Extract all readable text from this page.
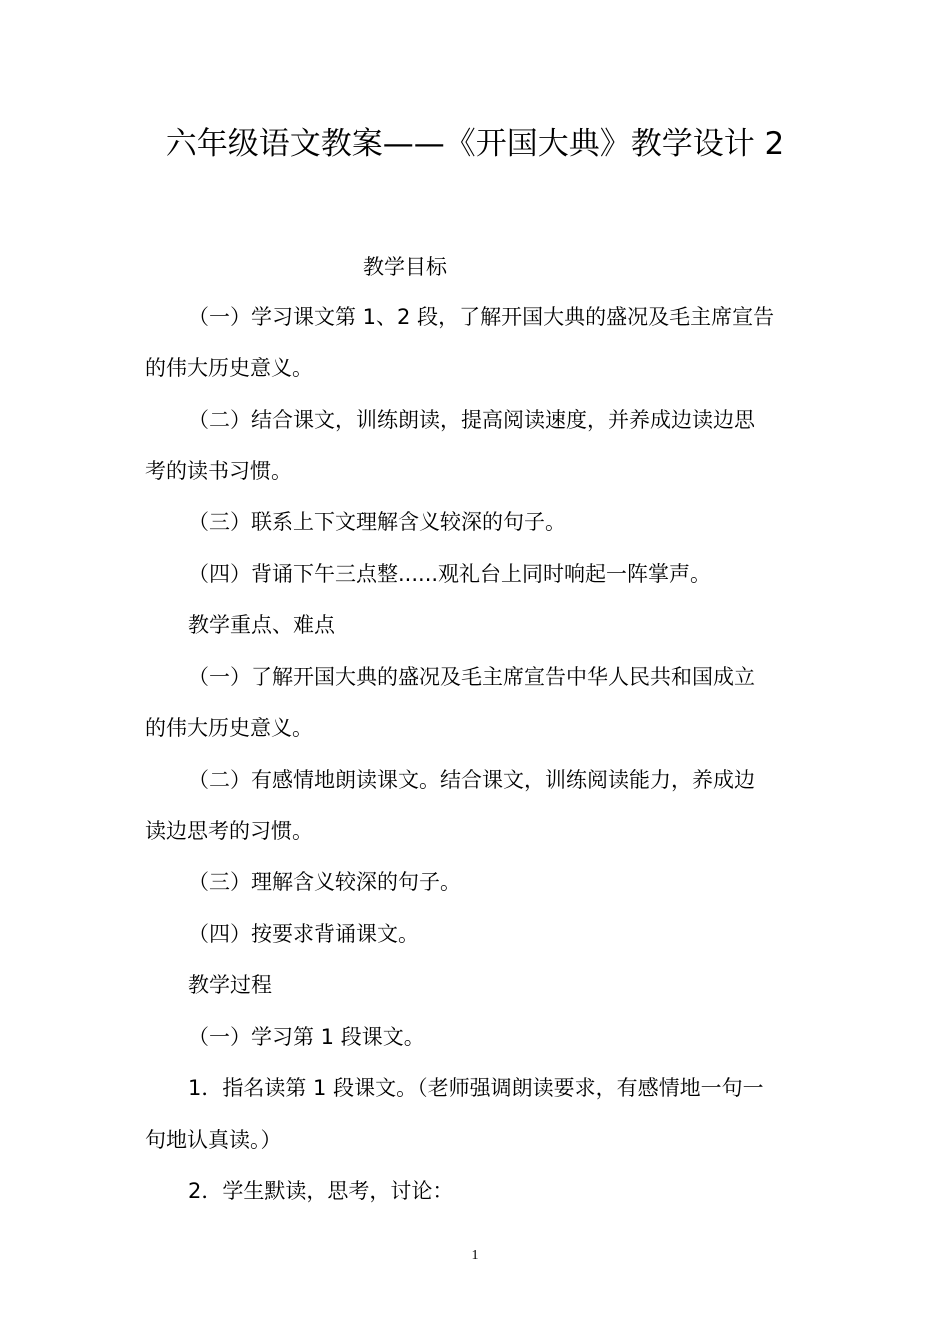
六年级语文教案——《开国大典》教学设计 2
教学目标
（一）学习课文第 1、2 段，了解开国大典的盛况及毛主席宣告
的伟大历史意义。
（二）结合课文，训练朗读，提高阅读速度，并养成边读边思
考的读书习惯。
（三）联系上下文理解含义较深的句子。
（四）背诵下午三点整......观礼台上同时响起一阵掌声。
教学重点、难点
（一）了解开国大典的盛况及毛主席宣告中华人民共和国成立
的伟大历史意义。
（二）有感情地朗读课文。结合课文，训练阅读能力，养成边
读边思考的习惯。
（三）理解含义较深的句子。
（四）按要求背诵课文。
教学过程
（一）学习第 1 段课文。
1．指名读第 1 段课文。（老师强调朗读要求，有感情地一句一
句地认真读。）
2．学生默读，思考，讨论：
1
